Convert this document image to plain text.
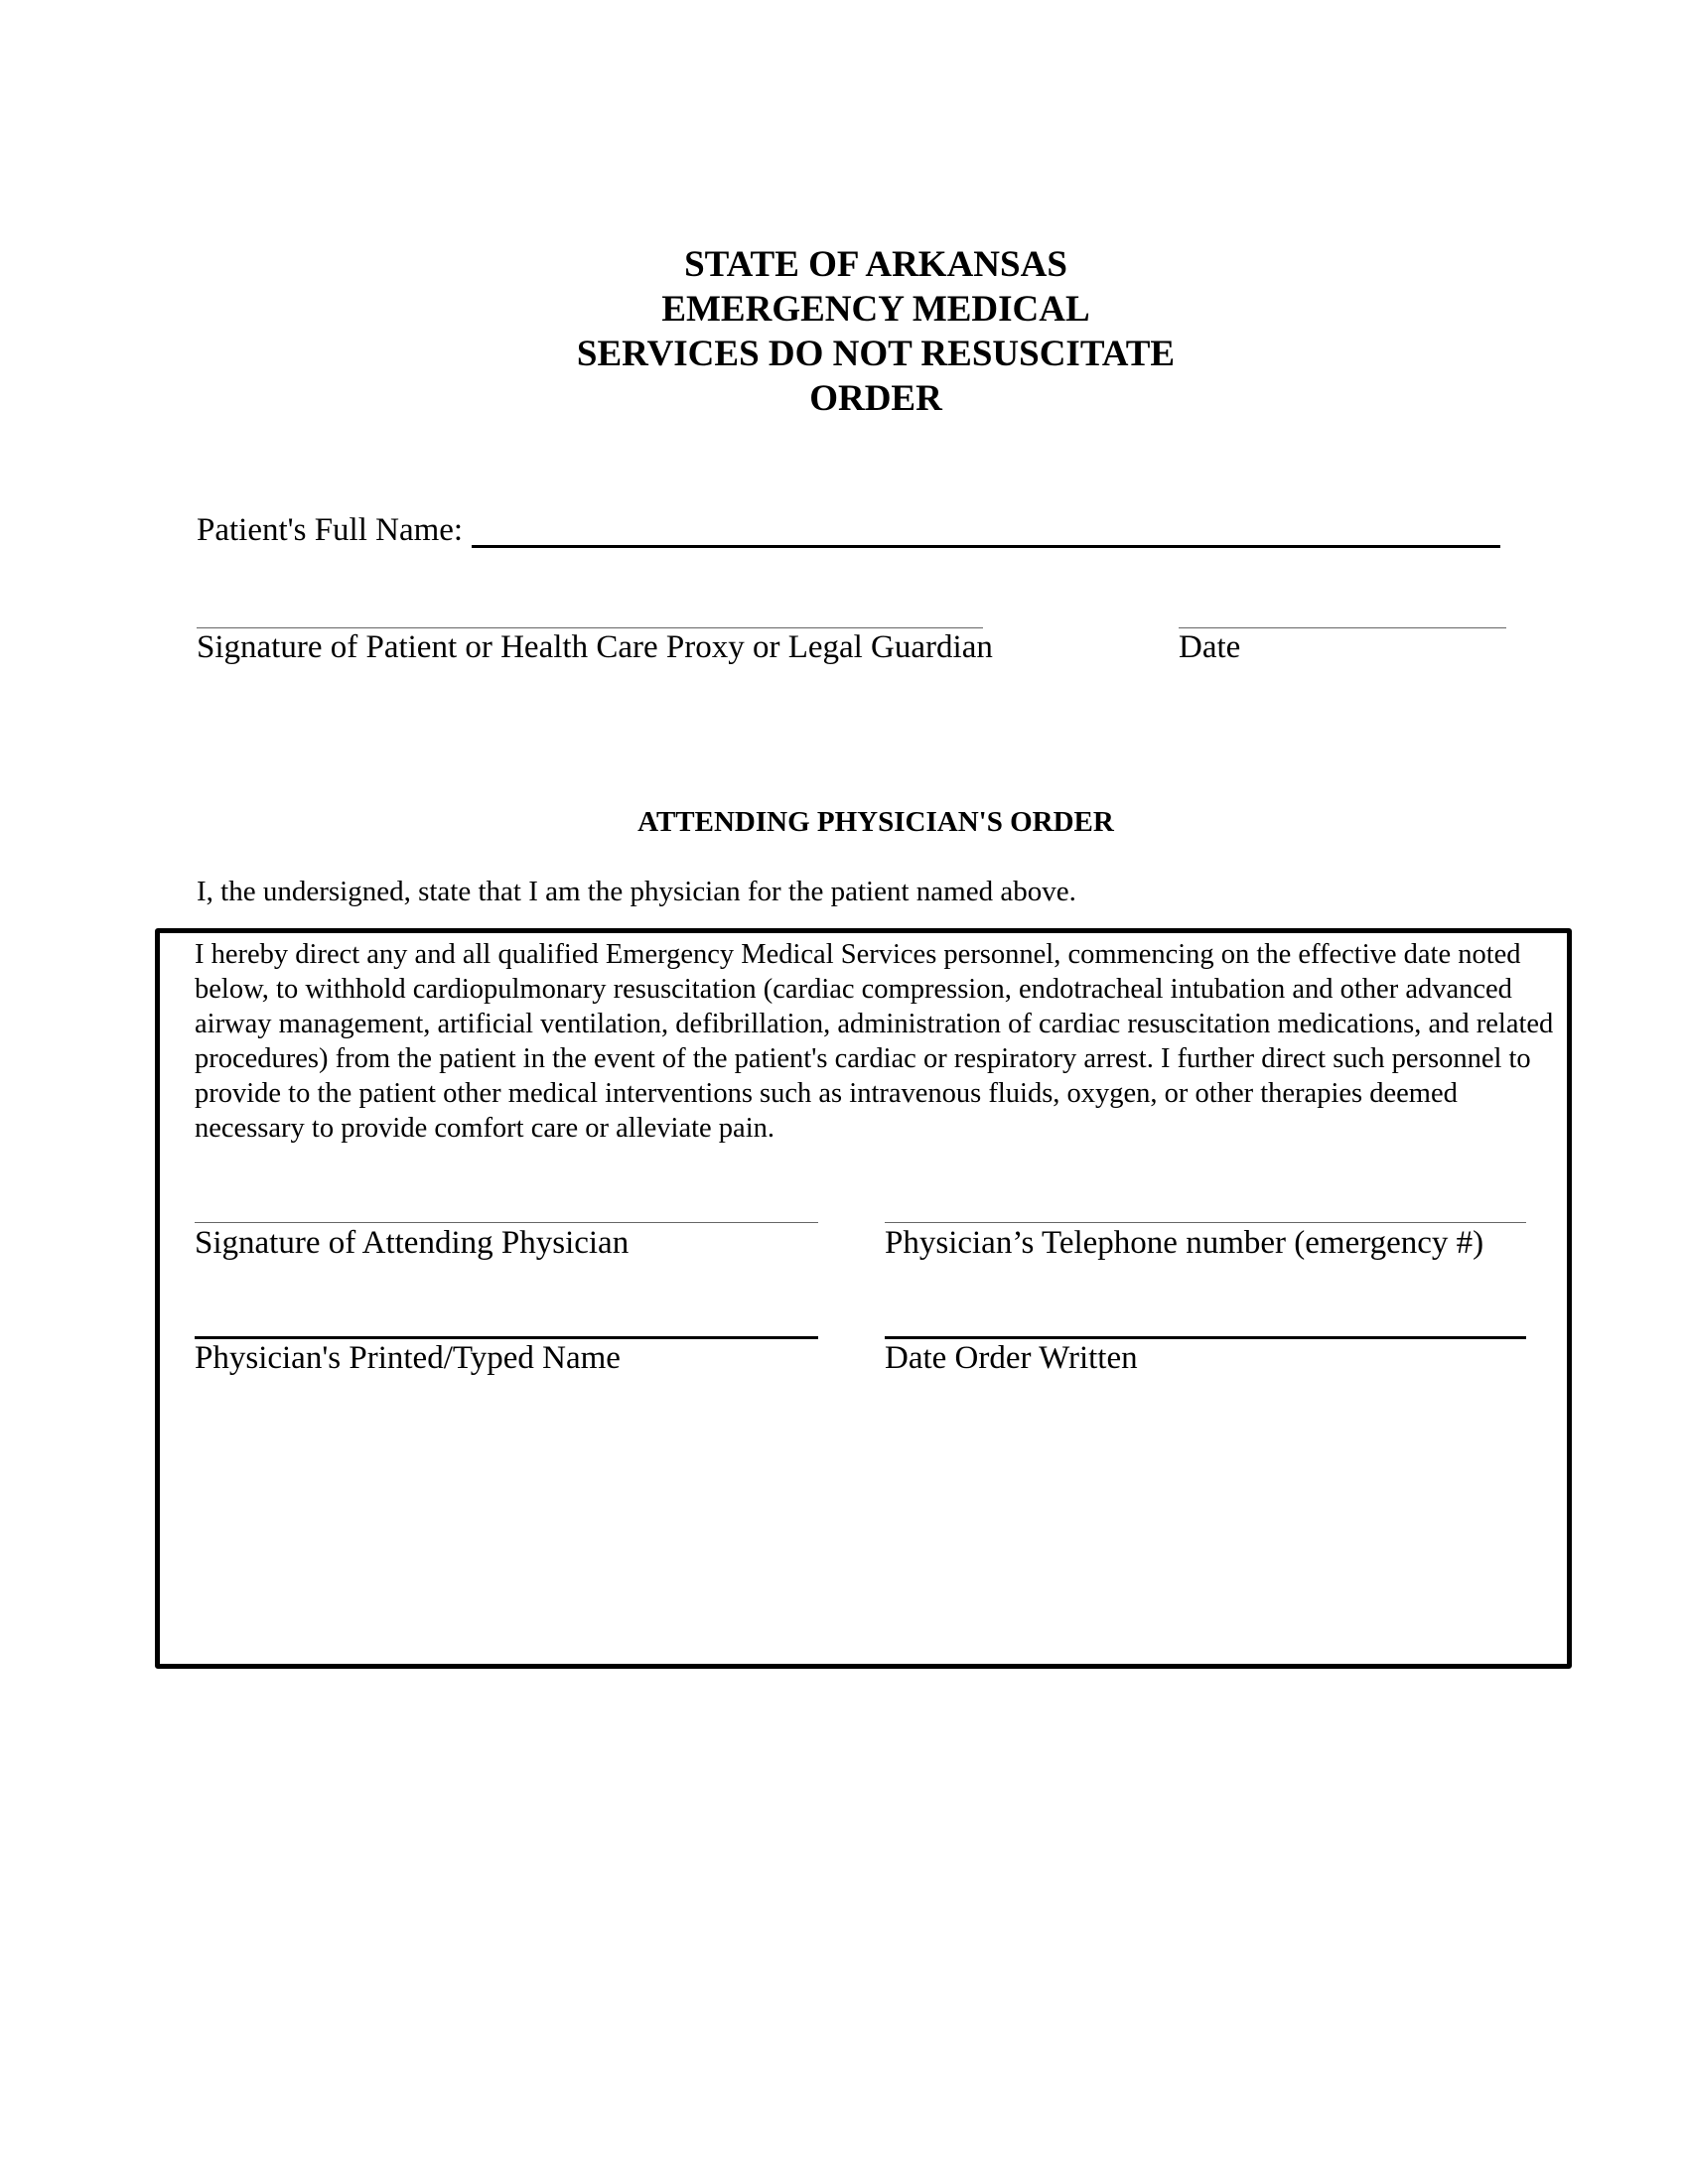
STATE OF ARKANSAS
EMERGENCY MEDICAL
SERVICES DO NOT RESUSCITATE
ORDER
Patient's Full Name:
Signature of Patient or Health Care Proxy or Legal Guardian	Date
ATTENDING PHYSICIAN'S ORDER
I, the undersigned, state that I am the physician for the patient named above.
I hereby direct any and all qualified Emergency Medical Services personnel, commencing on the effective date noted below, to withhold cardiopulmonary resuscitation (cardiac compression, endotracheal intubation and other advanced airway management, artificial ventilation, defibrillation, administration of cardiac resuscitation medications, and related procedures) from the patient in the event of the patient's cardiac or respiratory arrest. I further direct such personnel to provide to the patient other medical interventions such as intravenous fluids, oxygen, or other therapies deemed necessary to provide comfort care or alleviate pain.
Signature of Attending Physician	Physician’s Telephone number (emergency #)
Physician's Printed/Typed Name	Date Order Written
